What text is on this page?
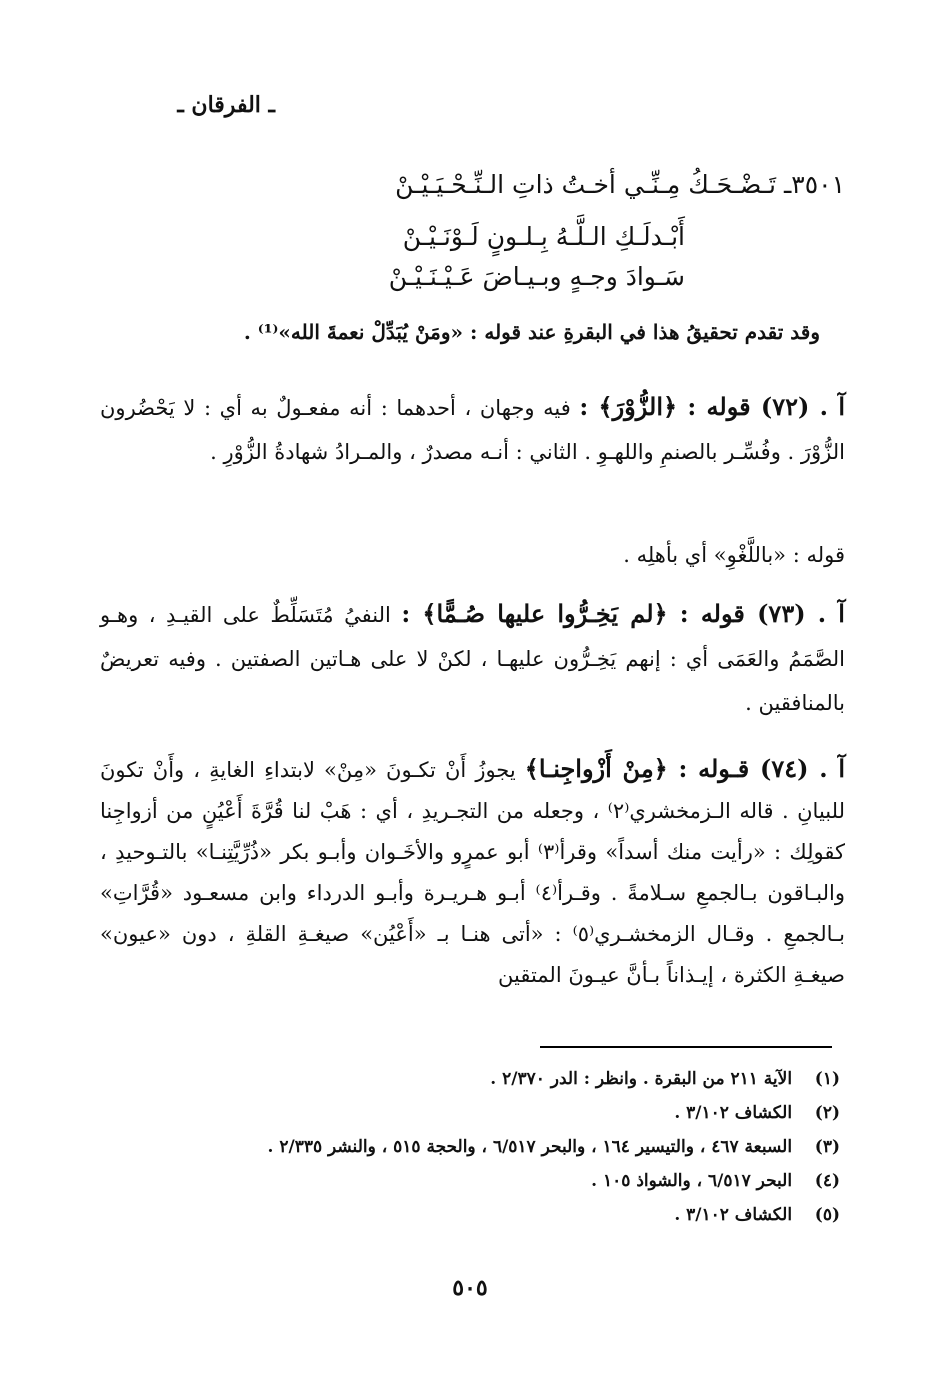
ـ الفرقان ـ
٣٥٠١ـ تَـضْـحَـكُ مِـنِّـي أخـتُ ذاتِ الـنِّـحْـيَـيْـنْ
أَبْـدلَـكِ الـلَّـهُ بِـلـونٍ لَـوْنَـيْـنْ
سَـوادَ وجـهٍ وبـيـاضَ عَـيْـنَـيْـنْ
وقد تقدم تحقيقُ هذا في البقرةِ عند قوله : «ومَنْ يُبَدِّلْ نعمةَ الله»⁽¹⁾ .
آ . (٧٢) قوله : ﴿الزُّوْرَ﴾ : فيه وجهان ، أحدهما : أنه مفعـولٌ به أي : لا يَحْضُرون الزُّوْرَ . وفُسِّـر بالصنمِ واللهـوِ . الثاني : أنـه مصدرٌ ، والمـرادُ شهادةُ الزُّوْرِ .
قوله : «باللَّغْوِ» أي بأهلِه .
آ . (٧٣) قوله : ﴿لم يَخِـرُّوا عليها صُـمًّا﴾ : النفيُ مُتَسَلِّطٌ على القيـدِ ، وهـو الصَّمَمُ والعَمَى أي : إنهم يَخِـرُّون عليهـا ، لكنْ لا على هـاتين الصفتين . وفيه تعريضٌ بالمنافقين .
آ . (٧٤) قـوله : ﴿مِنْ أَزْواجِنـا﴾ يجوزُ أَنْ تكـونَ «مِنْ» لابتداءِ الغايةِ ، وأَنْ تكونَ للبيانِ . قاله الـزمخشري⁽٢⁾ ، وجعله من التجـريدِ ، أي : هَبْ لنا قُرَّةَ أَعْيُنٍ من أزواجِنا كقولِك : «رأيت منك أسداً» وقرأ⁽٣⁾ أبو عمرٍو والأخَـوان وأبـو بكر «ذُرِّيَّتِنـا» بالتـوحيدِ ، والبـاقون بـالجمعِ سـلامةً . وقـرأ⁽٤⁾ أبـو هـريـرة وأبـو الدرداء وابن مسعـود «قُرَّاتِ» بـالجمعِ . وقـال الزمخشـري⁽٥⁾ : «أتى هنـا بـ «أَعْيُن» صيغـةِ القلةِ ، دون «عيون» صيغـةِ الكثرة ، إيـذاناً بـأنَّ عيـونَ المتقين
(١) الآية ٢١١ من البقرة . وانظر : الدر ٢/٣٧٠ .
(٢) الكشاف ٣/١٠٢ .
(٣) السبعة ٤٦٧ ، والتيسير ١٦٤ ، والبحر ٦/٥١٧ ، والحجة ٥١٥ ، والنشر ٢/٣٣٥ .
(٤) البحر ٦/٥١٧ ، والشواذ ١٠٥ .
(٥) الكشاف ٣/١٠٢ .
٥٠٥
